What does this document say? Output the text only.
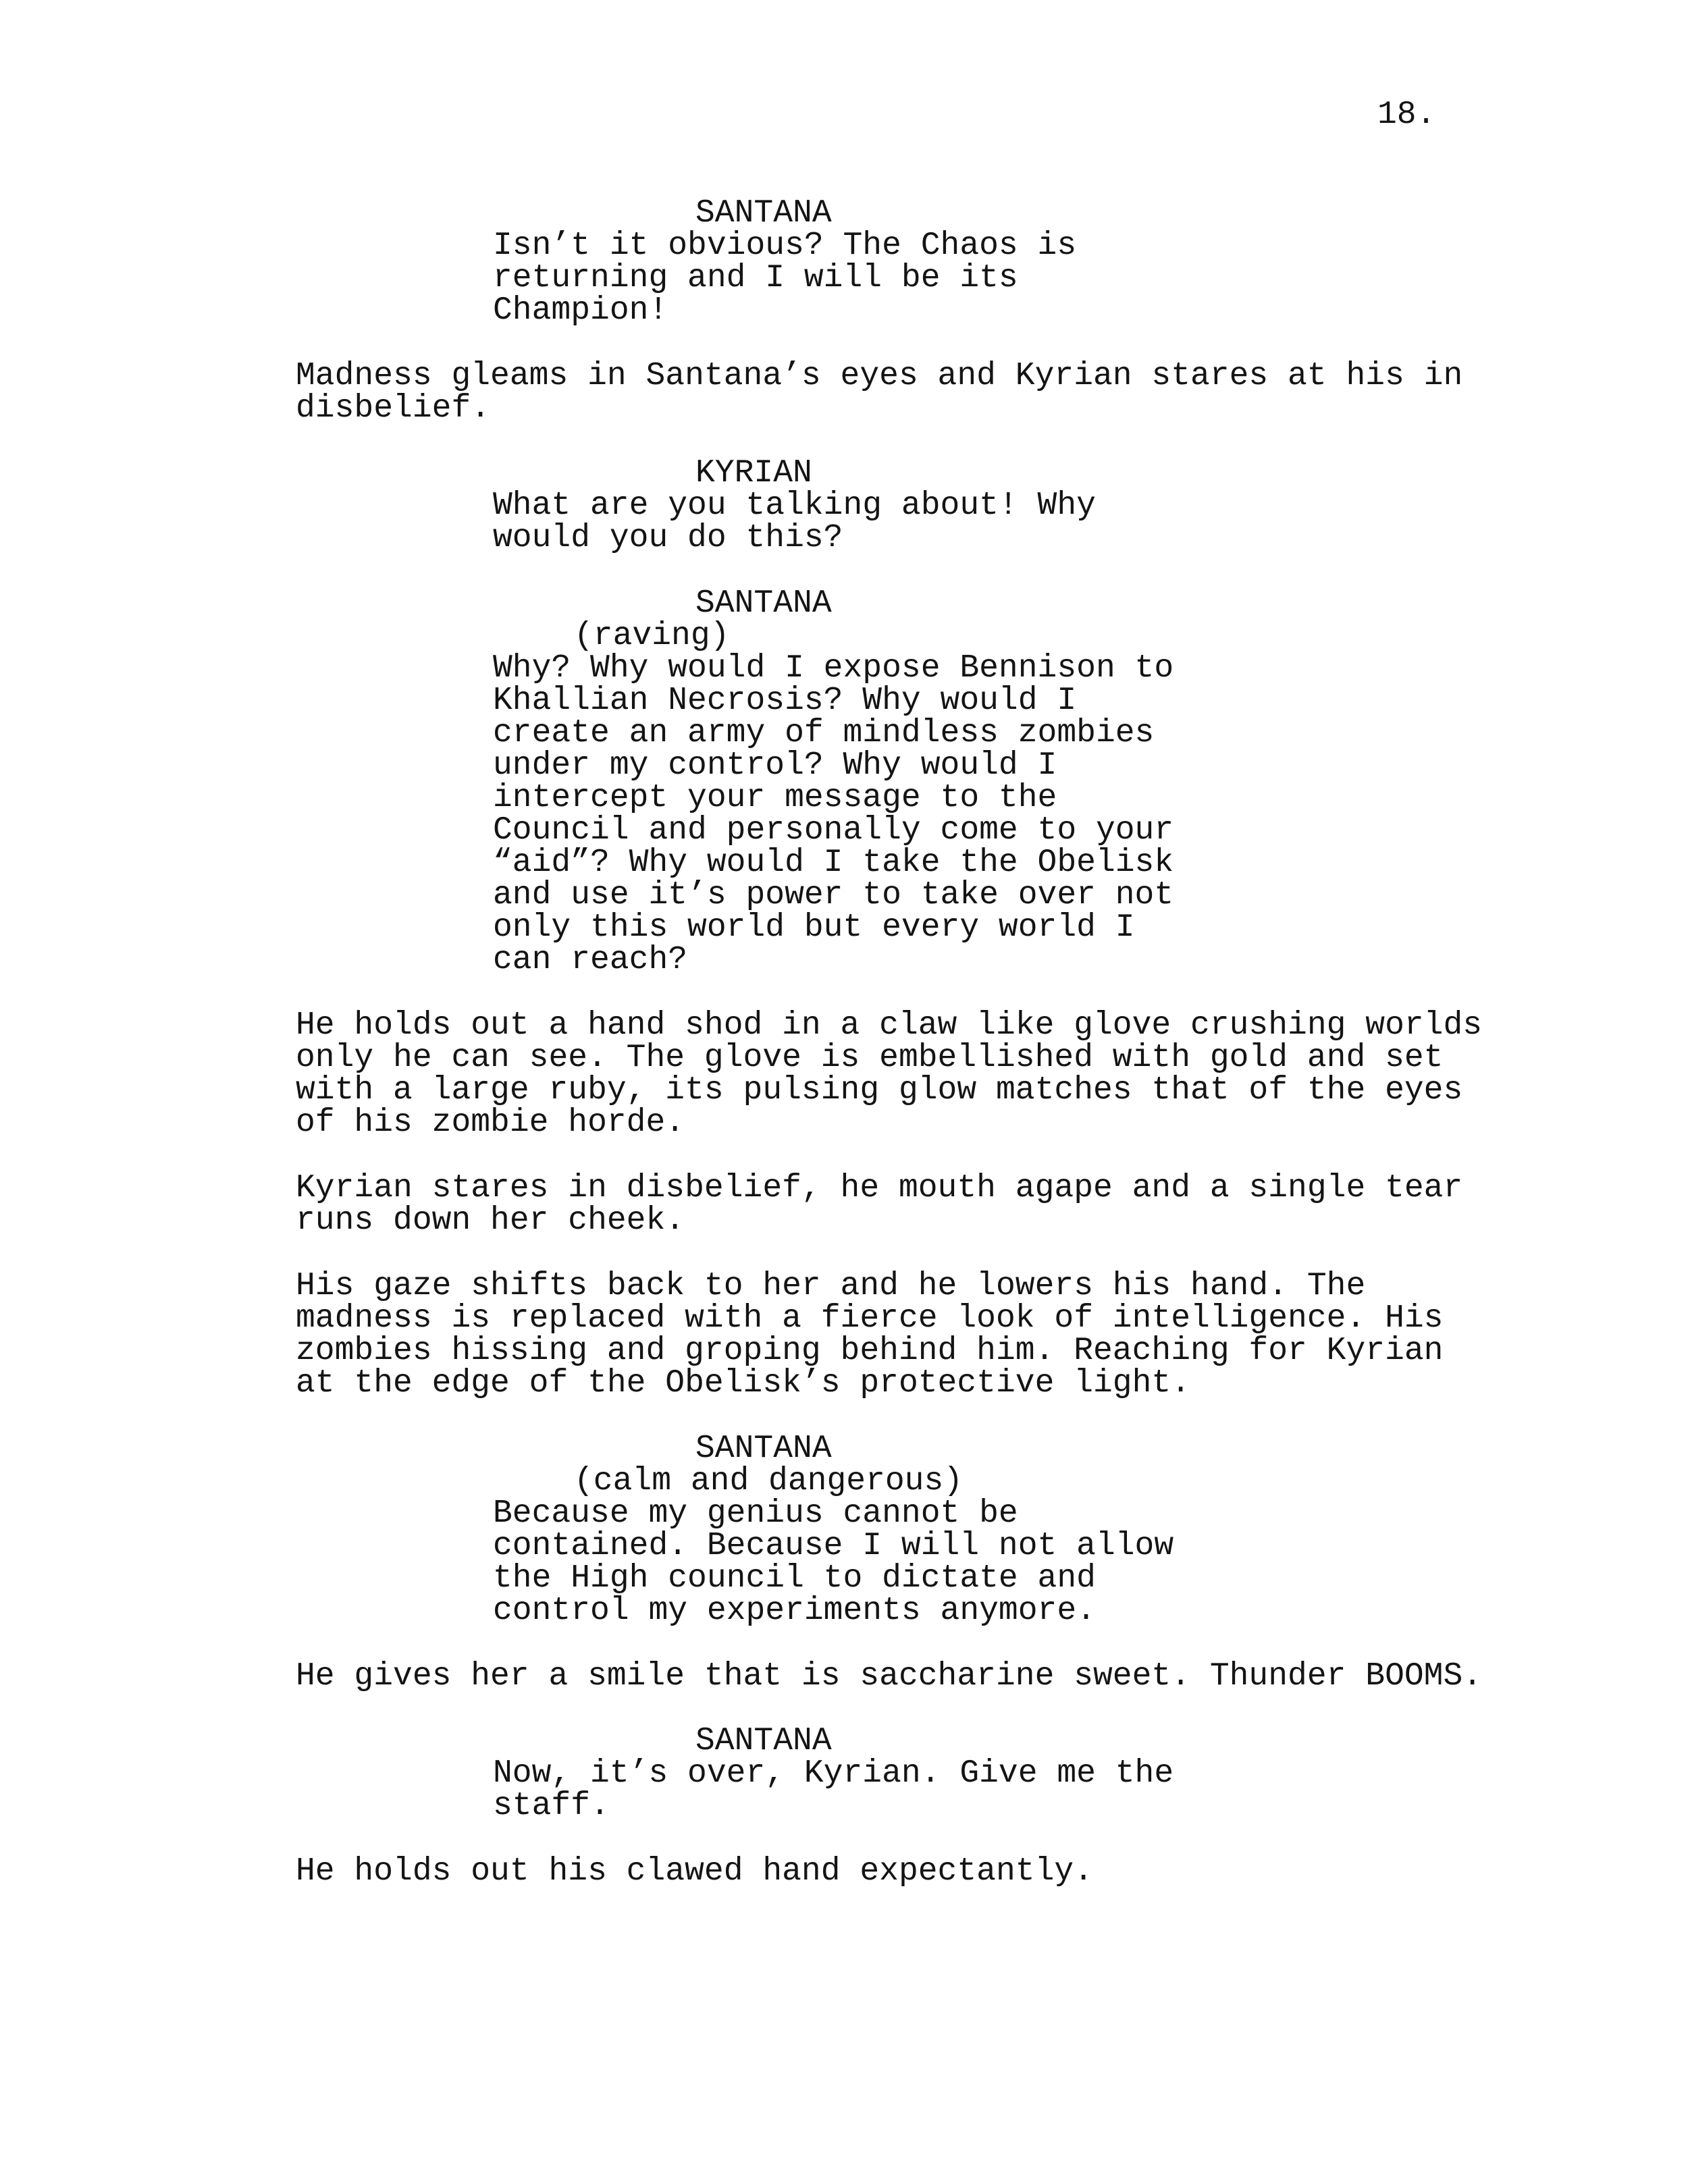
18.
SANTANA
Isn’t it obvious? The Chaos is
returning and I will be its
Champion!
Madness gleams in Santana’s eyes and Kyrian stares at his in
disbelief.
KYRIAN
What are you talking about! Why
would you do this?
SANTANA
(raving)
Why? Why would I expose Bennison to
Khallian Necrosis? Why would I
create an army of mindless zombies
under my control? Why would I
intercept your message to the
Council and personally come to your
“aid”? Why would I take the Obelisk
and use it’s power to take over not
only this world but every world I
can reach?
He holds out a hand shod in a claw like glove crushing worlds
only he can see. The glove is embellished with gold and set
with a large ruby, its pulsing glow matches that of the eyes
of his zombie horde.
Kyrian stares in disbelief, he mouth agape and a single tear
runs down her cheek.
His gaze shifts back to her and he lowers his hand. The
madness is replaced with a fierce look of intelligence. His
zombies hissing and groping behind him. Reaching for Kyrian
at the edge of the Obelisk’s protective light.
SANTANA
(calm and dangerous)
Because my genius cannot be
contained. Because I will not allow
the High council to dictate and
control my experiments anymore.
He gives her a smile that is saccharine sweet. Thunder BOOMS.
SANTANA
Now, it’s over, Kyrian. Give me the
staff.
He holds out his clawed hand expectantly.
